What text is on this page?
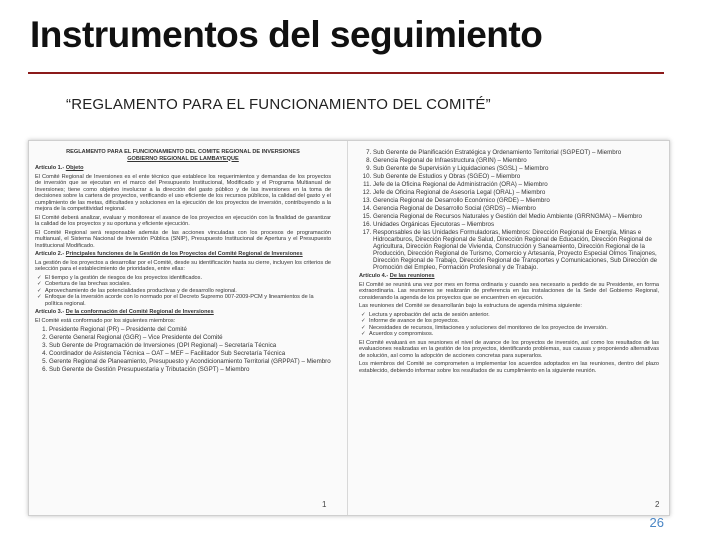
Instrumentos del seguimiento
“REGLAMENTO PARA EL FUNCIONAMIENTO DEL COMITÉ”

REGLAMENTO PARA EL FUNCIONAMIENTO DEL COMITÉ REGIONAL DE INVERSIONES
GOBIERNO REGIONAL DE LAMBAYEQUE

Artículo 1.- Objeto

El Comité Regional de Inversiones es el ente técnico que establece los requerimientos y demandas de los proyectos de inversión que se ejecutan en el marco del Presupuesto Institucional, Modificado y el Programa Multianual de Inversiones; tiene como objetivo involucrar a la dirección del gasto público y de las inversiones en la toma de decisiones sobre la cartera de proyectos, verificando el uso eficiente de los recursos públicos, la calidad del gasto y el cumplimiento de las metas, dificultades y soluciones en la ejecución de los proyectos de inversión, contribuyendo a la mejora de la competitividad regional.

El Comité deberá analizar, evaluar y monitorear el avance de los proyectos en ejecución con la finalidad de garantizar la calidad de los proyectos y su oportuna y eficiente ejecución.

El Comité Regional será responsable además de las acciones vinculadas con los procesos de programación multianual, el Sistema Nacional de Inversión Pública (SNIP), Presupuesto Institucional de Apertura y el Presupuesto Institucional Modificado.

Artículo 2.- Principales funciones de la Gestión de los Proyectos del Comité Regional de Inversiones

La gestión de los proyectos a desarrollar por el Comité, desde su identificación hasta su cierre, incluyen los criterios de selección para el establecimiento de prioridades, entre ellas:

✓ El tiempo y la gestión de riesgos de los proyectos identificados.
✓ Cobertura de las brechas sociales.
✓ Aprovechamiento de las potencialidades productivas y de desarrollo regional.
✓ Enfoque de la inversión acorde con lo normado por el Decreto Supremo 007-2009-PCM y lineamientos de la política regional.

Artículo 3.- De la conformación del Comité Regional de Inversiones

El Comité está conformado por los siguientes miembros:

1. Presidente Regional (PR) – Presidente del Comité
2. Gerente General Regional (GGR) – Vice Presidente del Comité
3. Sub Gerente de Programación de Inversiones (OPI Regional) – Secretaría Técnica
4. Coordinador de Asistencia Técnica – OAT – MEF – Facilitador Sub Secretaría Técnica
5. Gerente Regional de Planeamiento, Presupuesto y Acondicionamiento Territorial (GRPPAT) – Miembro
6. Sub Gerente de Gestión Presupuestaria y Tributación (SGPT) – Miembro
1
7. Sub Gerente de Planificación Estratégica y Ordenamiento Territorial (SGPEOT) – Miembro
8. Gerencia Regional de Infraestructura (GRIN) – Miembro
9. Sub Gerente de Supervisión y Liquidaciones (SGSL) – Miembro
10. Sub Gerente de Estudios y Obras (SGEO) – Miembro
11. Jefe de la Oficina Regional de Administración (ORA) – Miembro
12. Jefe de Oficina Regional de Asesoría Legal (ORAL) – Miembro
13. Gerencia Regional de Desarrollo Económico (GRDE) – Miembro
14. Gerencia Regional de Desarrollo Social (GRDS) – Miembro
15. Gerencia Regional de Recursos Naturales y Gestión del Medio Ambiente (GRRNGMA) – Miembro
16. Unidades Orgánicas Ejecutoras – Miembros
17. Responsables de las Unidades Formuladoras, Miembros: Dirección Regional de Energía, Minas e Hidrocarburos, Dirección Regional de Salud, Dirección Regional de Educación, Dirección Regional de Agricultura, Dirección Regional de Vivienda, Construcción y Saneamiento, Dirección Regional de la Producción, Dirección Regional de Turismo, Comercio y Artesanía, Proyecto Especial Olmos Tinajones, Dirección Regional de Trabajo, Dirección Regional de Transportes y Comunicaciones, Sub Dirección de Promoción del Empleo, Formación Profesional y de Trabajo.

Artículo 4.- De las reuniones

El Comité se reunirá una vez por mes en forma ordinaria y cuando sea necesario a pedido de su Presidente, en forma extraordinaria. Las reuniones se realizarán de preferencia en las instalaciones de la Sede del Gobierno Regional, considerando la agenda de los proyectos que se encuentren en ejecución.

Las reuniones del Comité se desarrollarán bajo la estructura de agenda mínima siguiente:

✓ Lectura y aprobación del acta de sesión anterior.
✓ Informe de avance de los proyectos.
✓ Necesidades de recursos, limitaciones y soluciones del monitoreo de los proyectos de inversión.
✓ Acuerdos y compromisos.

El Comité evaluará en sus reuniones el nivel de avance de los proyectos de inversión, así como los resultados de las evaluaciones realizadas en la gestión de los proyectos, identificando problemas, sus causas y proponiendo alternativas de solución, así como la adopción de acciones concretas para superarlos.

Los miembros del Comité se comprometen a implementar los acuerdos adoptados en las reuniones, dentro del plazo establecido, debiendo informar sobre los resultados de su cumplimiento en la siguiente reunión.

2
26
